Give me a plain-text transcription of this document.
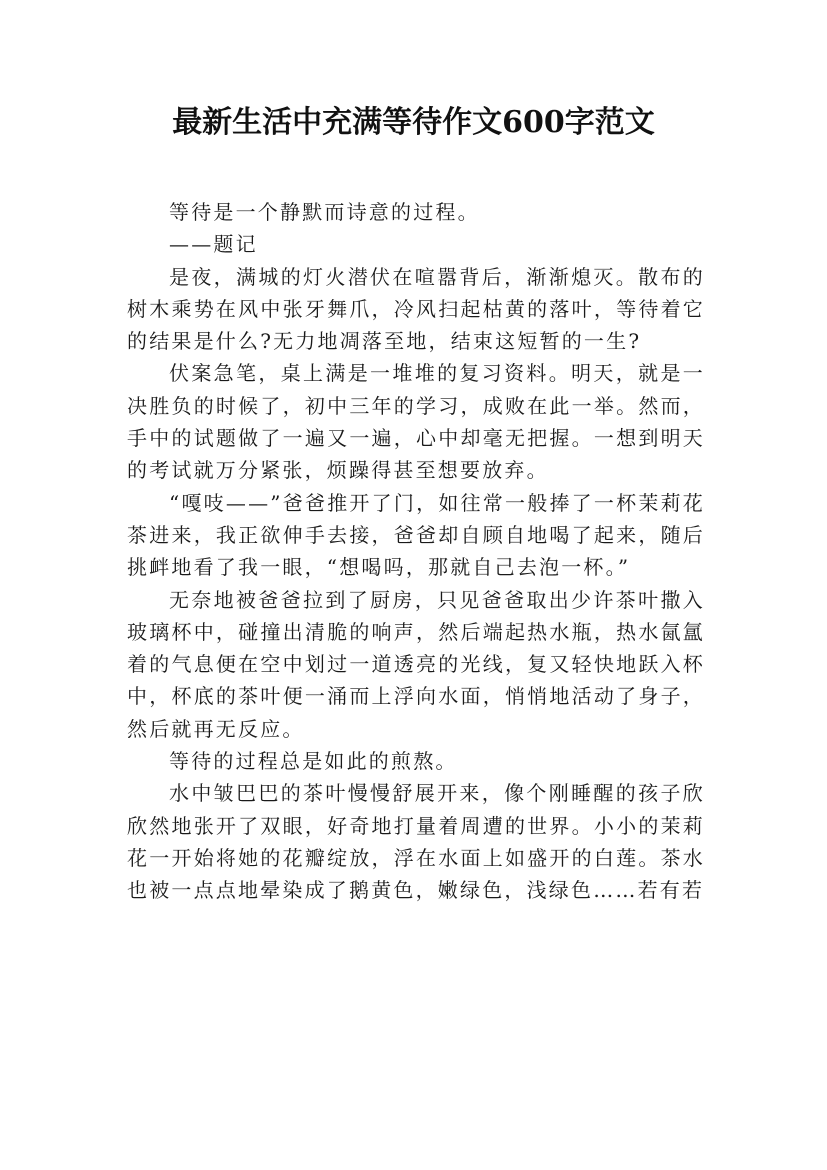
最新生活中充满等待作文600字范文

等待是一个静默而诗意的过程。

——题记

是夜，满城的灯火潜伏在喧嚣背后，渐渐熄灭。散布的树木乘势在风中张牙舞爪，冷风扫起枯黄的落叶，等待着它的结果是什么?无力地凋落至地，结束这短暂的一生?

伏案急笔，桌上满是一堆堆的复习资料。明天，就是一决胜负的时候了，初中三年的学习，成败在此一举。然而，手中的试题做了一遍又一遍，心中却毫无把握。一想到明天的考试就万分紧张，烦躁得甚至想要放弃。

“嘎吱——”爸爸推开了门，如往常一般捧了一杯茉莉花茶进来，我正欲伸手去接，爸爸却自顾自地喝了起来，随后挑衅地看了我一眼，“想喝吗，那就自己去泡一杯。”

无奈地被爸爸拉到了厨房，只见爸爸取出少许茶叶撒入玻璃杯中，碰撞出清脆的响声，然后端起热水瓶，热水氤氲着的气息便在空中划过一道透亮的光线，复又轻快地跃入杯中，杯底的茶叶便一涌而上浮向水面，悄悄地活动了身子，然后就再无反应。

等待的过程总是如此的煎熬。

水中皱巴巴的茶叶慢慢舒展开来，像个刚睡醒的孩子欣欣然地张开了双眼，好奇地打量着周遭的世界。小小的茉莉花一开始将她的花瓣绽放，浮在水面上如盛开的白莲。茶水也被一点点地晕染成了鹅黄色，嫩绿色，浅绿色……若有若
